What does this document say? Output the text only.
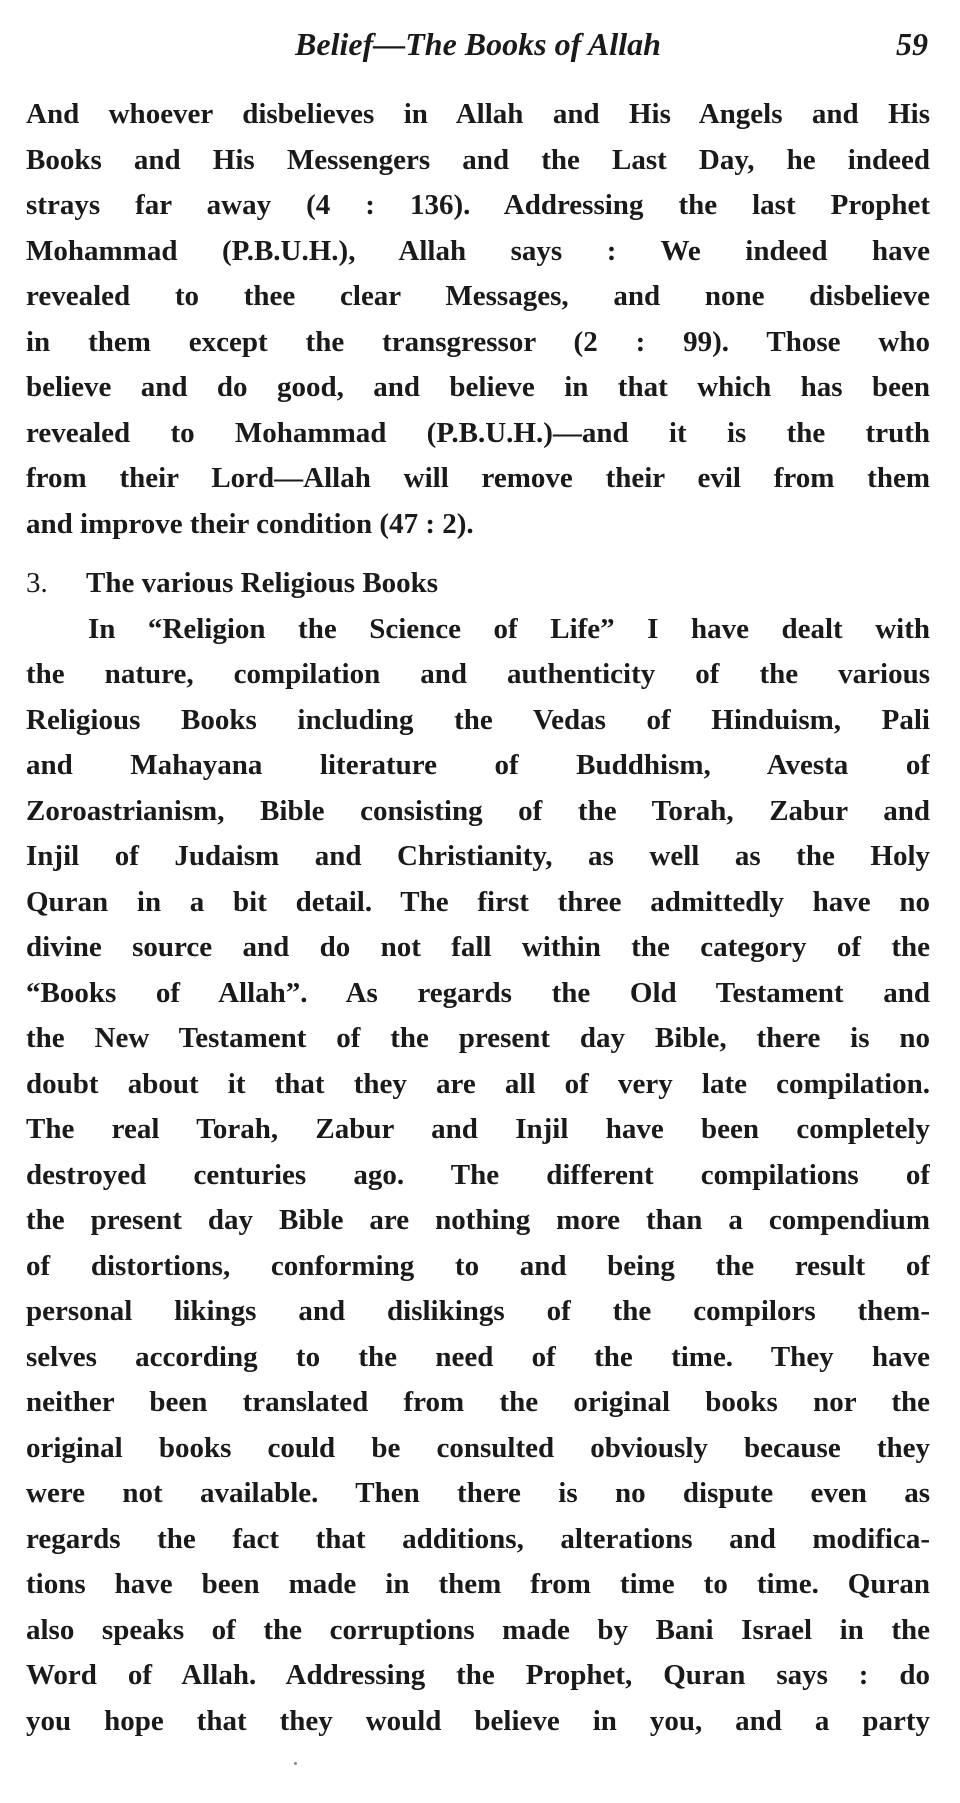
Belief—The Books of Allah	59
And whoever disbelieves in Allah and His Angels and His
Books and His Messengers and the Last Day, he indeed
strays far away (4 : 136). Addressing the last Prophet
Mohammad (P.B.U.H.), Allah says : We indeed have
revealed to thee clear Messages, and none disbelieve
in them except the transgressor (2 : 99). Those who
believe and do good, and believe in that which has been
revealed to Mohammad (P.B.U.H.)—and it is the truth
from their Lord—Allah will remove their evil from them
and improve their condition (47 : 2).
3. The various Religious Books
In “Religion the Science of Life” I have dealt with
the nature, compilation and authenticity of the various
Religious Books including the Vedas of Hinduism, Pali
and Mahayana literature of Buddhism, Avesta of
Zoroastrianism, Bible consisting of the Torah, Zabur and
Injil of Judaism and Christianity, as well as the Holy
Quran in a bit detail. The first three admittedly have no
divine source and do not fall within the category of the
“Books of Allah”. As regards the Old Testament and
the New Testament of the present day Bible, there is no
doubt about it that they are all of very late compilation.
The real Torah, Zabur and Injil have been completely
destroyed centuries ago. The different compilations of
the present day Bible are nothing more than a compendium
of distortions, conforming to and being the result of
personal likings and dislikings of the compilors them-
selves according to the need of the time. They have
neither been translated from the original books nor the
original books could be consulted obviously because they
were not available. Then there is no dispute even as
regards the fact that additions, alterations and modifica-
tions have been made in them from time to time. Quran
also speaks of the corruptions made by Bani Israel in the
Word of Allah. Addressing the Prophet, Quran says : do
you hope that they would believe in you, and a party
